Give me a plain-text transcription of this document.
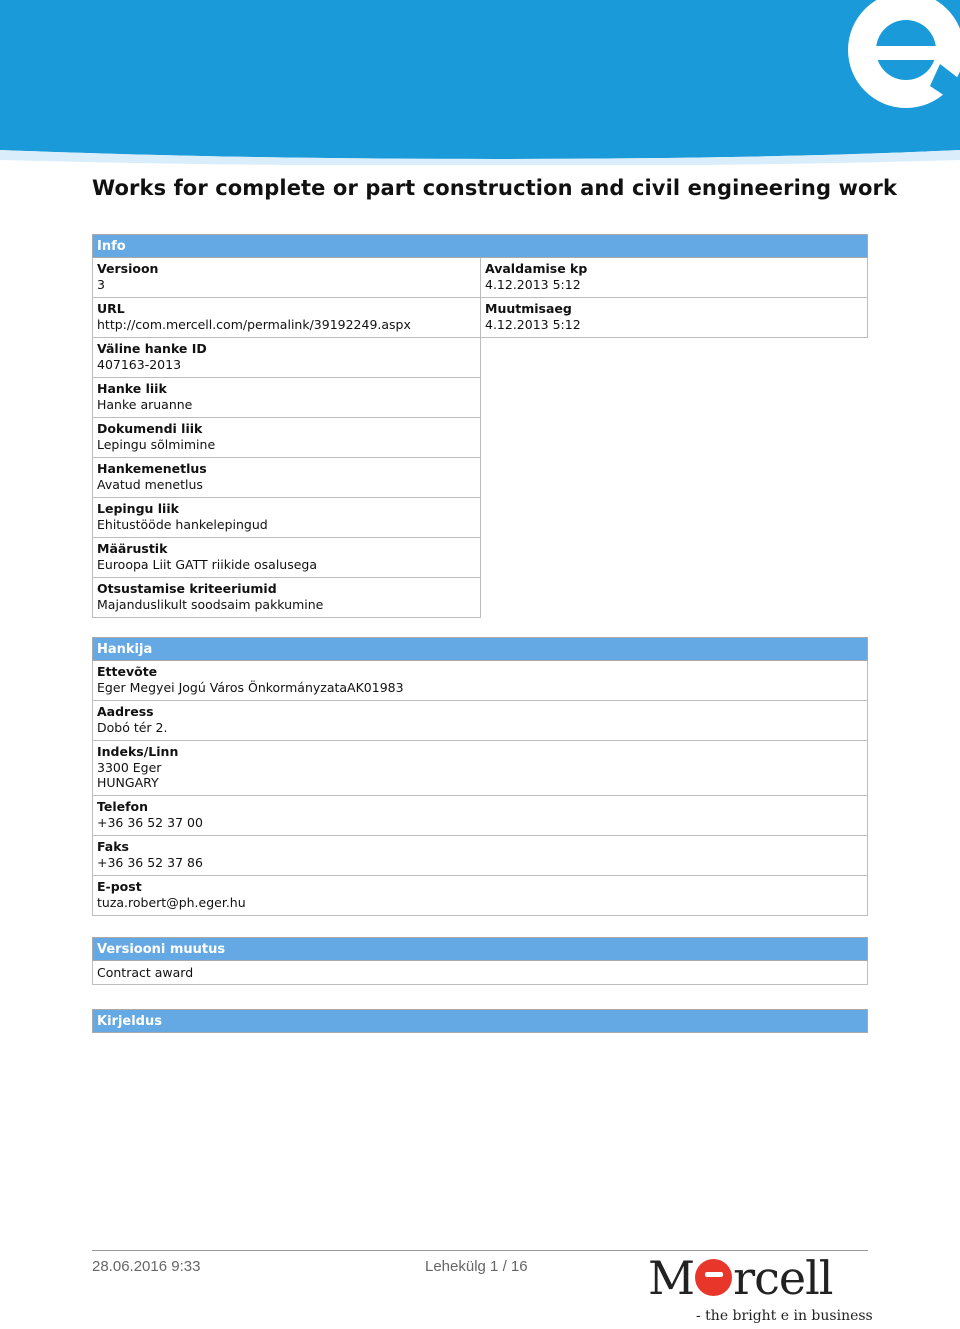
Works for complete or part construction and civil engineering work
Info
Versioon
3
URL
http://com.mercell.com/permalink/39192249.aspx
Väline hanke ID
407163-2013
Hanke liik
Hanke aruanne
Dokumendi liik
Lepingu sõlmimine
Hankemenetlus
Avatud menetlus
Lepingu liik
Ehitustööde hankelepingud
Määrustik
Euroopa Liit GATT riikide osalusega
Otsustamise kriteeriumid
Majanduslikult soodsaim pakkumine
Avaldamise kp
4.12.2013 5:12
Muutmisaeg
4.12.2013 5:12
Hankija
Ettevõte
Eger Megyei Jogú Város ÖnkormányzataAK01983
Aadress
Dobó tér 2.
Indeks/Linn
3300 Eger
HUNGARY
Telefon
+36 36 52 37 00
Faks
+36 36 52 37 86
E-post
tuza.robert@ph.eger.hu
Versiooni muutus
Contract award
Kirjeldus
28.06.2016 9:33	Lehekülg 1 / 16	M rcell
- the bright e in business
